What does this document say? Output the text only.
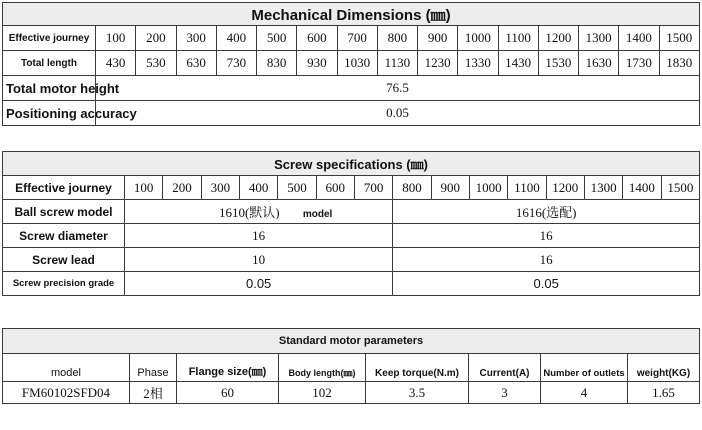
Mechanical Dimensions (㎜)															
Effective journey	100	200	300	400	500	600	700	800	900	1000	1100	1200	1300	1400	1500
Total length	430	530	630	730	830	930	1030	1130	1230	1330	1430	1530	1630	1730	1830
Total motor height	76.5														
Positioning accuracy	0.05														
Screw specifications (㎜)															
Effective journey	100	200	300	400	500	600	700	800	900	1000	1100	1200	1300	1400	1500
Ball screw model	1610(默认) model							1616(选配)							
Screw diameter	16							16							
Screw lead	10							16							
Screw precision grade	0.05							0.05							
Standard motor parameters							
model	Phase	Flange size(㎜)	Body length(㎜)	Keep torque(N.m)	Current(A)	Number of outlets	weight(KG)
FM60102SFD04	2相	60	102	3.5	3	4	1.65
